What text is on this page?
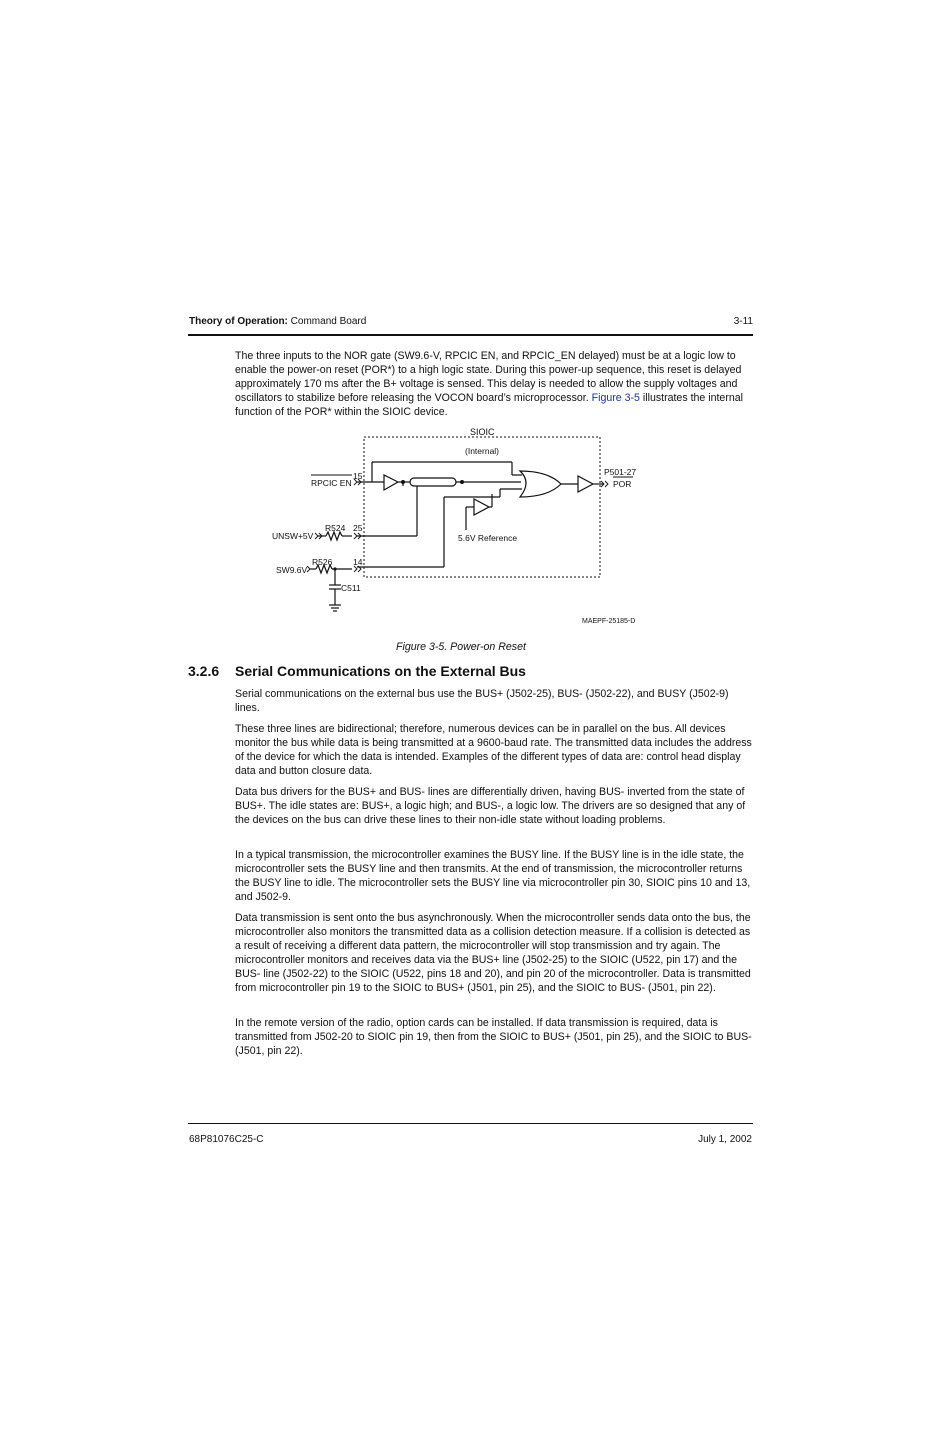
Theory of Operation: Command Board	3-11

The three inputs to the NOR gate (SW9.6-V, RPCIC EN, and RPCIC_EN delayed) must be at a logic low to enable the power-on reset (POR*) to a high logic state. During this power-up sequence, this reset is delayed approximately 170 ms after the B+ voltage is sensed. This delay is needed to allow the supply voltages and oscillators to stabilize before releasing the VOCON board’s microprocessor. Figure 3-5 illustrates the internal function of the POR* within the SIOIC device.

SIOIC
(Internal)
15
RPCIC EN
R524 25
UNSW+5V	5.6V Reference
R526 14
SW9.6V
C511
P501-27
POR
MAEPF-25185-D
Figure 3-5. Power-on Reset
3.2.6 Serial Communications on the External Bus

Serial communications on the external bus use the BUS+ (J502-25), BUS- (J502-22), and BUSY (J502-9) lines.

These three lines are bidirectional; therefore, numerous devices can be in parallel on the bus. All devices monitor the bus while data is being transmitted at a 9600-baud rate. The transmitted data includes the address of the device for which the data is intended. Examples of the different types of data are: control head display data and button closure data.

Data bus drivers for the BUS+ and BUS- lines are differentially driven, having BUS- inverted from the state of BUS+. The idle states are: BUS+, a logic high; and BUS-, a logic low. The drivers are so designed that any of the devices on the bus can drive these lines to their non-idle state without loading problems.

In a typical transmission, the microcontroller examines the BUSY line. If the BUSY line is in the idle state, the microcontroller sets the BUSY line and then transmits. At the end of transmission, the microcontroller returns the BUSY line to idle. The microcontroller sets the BUSY line via microcontroller pin 30, SIOIC pins 10 and 13, and J502-9.

Data transmission is sent onto the bus asynchronously. When the microcontroller sends data onto the bus, the microcontroller also monitors the transmitted data as a collision detection measure. If a collision is detected as a result of receiving a different data pattern, the microcontroller will stop transmission and try again. The microcontroller monitors and receives data via the BUS+ line (J502-25) to the SIOIC (U522, pin 17) and the BUS- line (J502-22) to the SIOIC (U522, pins 18 and 20), and pin 20 of the microcontroller. Data is transmitted from microcontroller pin 19 to the SIOIC to BUS+ (J501, pin 25), and the SIOIC to BUS- (J501, pin 22).

In the remote version of the radio, option cards can be installed. If data transmission is required, data is transmitted from J502-20 to SIOIC pin 19, then from the SIOIC to BUS+ (J501, pin 25), and the SIOIC to BUS- (J501, pin 22).

68P81076C25-C	July 1, 2002
